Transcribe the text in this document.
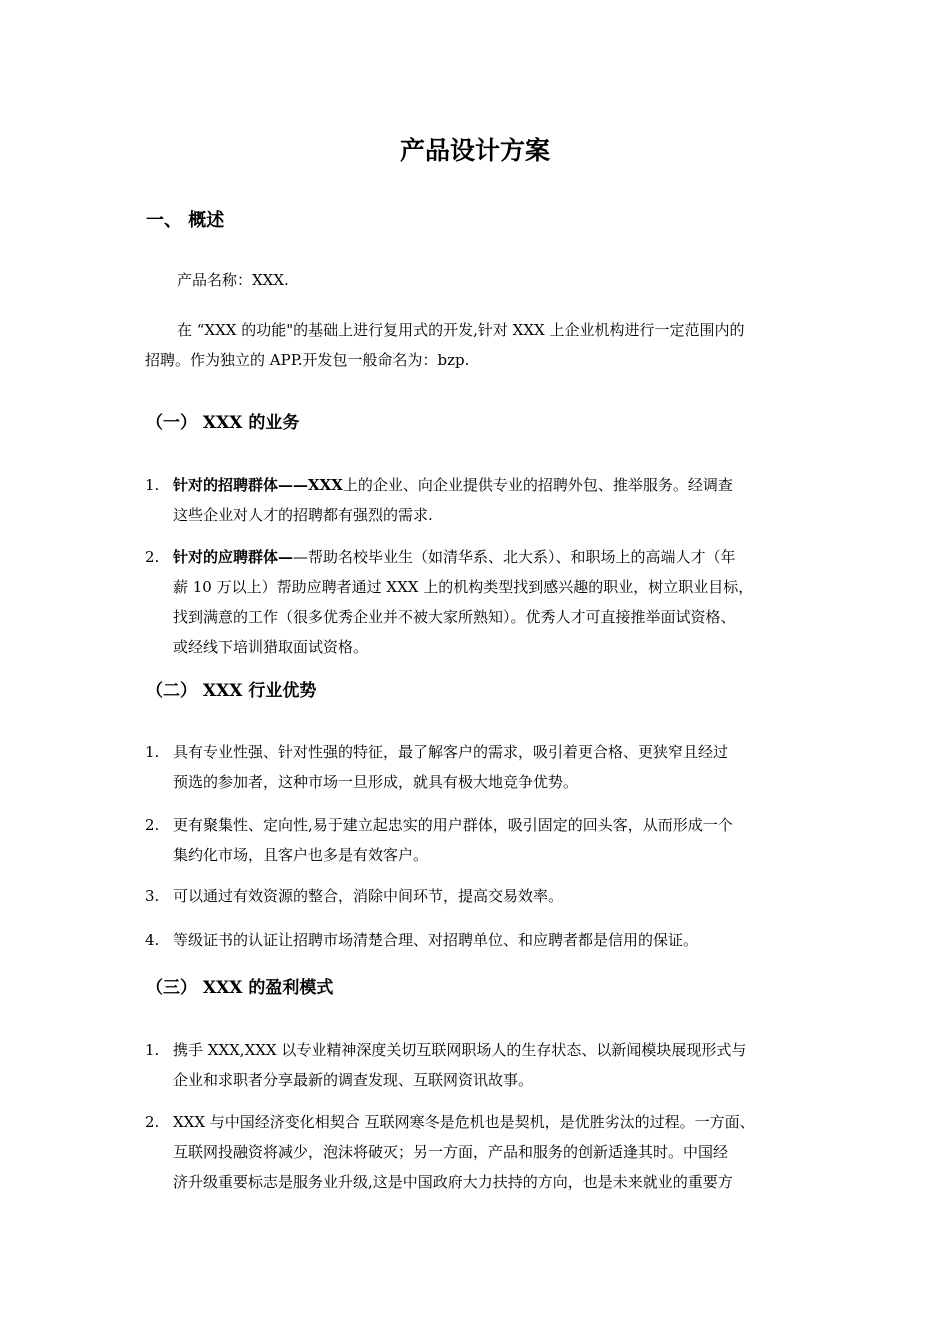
产品设计方案
一、 概述
产品名称：XXX.
在 “XXX 的功能"的基础上进行复用式的开发,针对 XXX 上企业机构进行一定范围内的
招聘。作为独立的 APP.开发包一般命名为：bzp.
（一） XXX 的业务
1. 针对的招聘群体——XXX上的企业、向企业提供专业的招聘外包、推举服务。经调查
这些企业对人才的招聘都有强烈的需求.
2. 针对的应聘群体——帮助名校毕业生（如清华系、北大系）、和职场上的高端人才（年
薪 10 万以上）帮助应聘者通过 XXX 上的机构类型找到感兴趣的职业，树立职业目标，
找到满意的工作（很多优秀企业并不被大家所熟知）。优秀人才可直接推举面试资格、
或经线下培训猎取面试资格。
（二） XXX 行业优势
1. 具有专业性强、针对性强的特征，最了解客户的需求，吸引着更合格、更狭窄且经过
预选的参加者，这种市场一旦形成，就具有极大地竞争优势。
2. 更有聚集性、定向性,易于建立起忠实的用户群体，吸引固定的回头客，从而形成一个
集约化市场，且客户也多是有效客户。
3. 可以通过有效资源的整合，消除中间环节，提高交易效率。
4. 等级证书的认证让招聘市场清楚合理、对招聘单位、和应聘者都是信用的保证。
（三） XXX 的盈利模式
1. 携手 XXX,XXX 以专业精神深度关切互联网职场人的生存状态、以新闻模块展现形式与
企业和求职者分享最新的调查发现、互联网资讯故事。
2. XXX 与中国经济变化相契合 互联网寒冬是危机也是契机，是优胜劣汰的过程。一方面、
互联网投融资将减少，泡沫将破灭；另一方面，产品和服务的创新适逢其时。中国经
济升级重要标志是服务业升级,这是中国政府大力扶持的方向，也是未来就业的重要方
